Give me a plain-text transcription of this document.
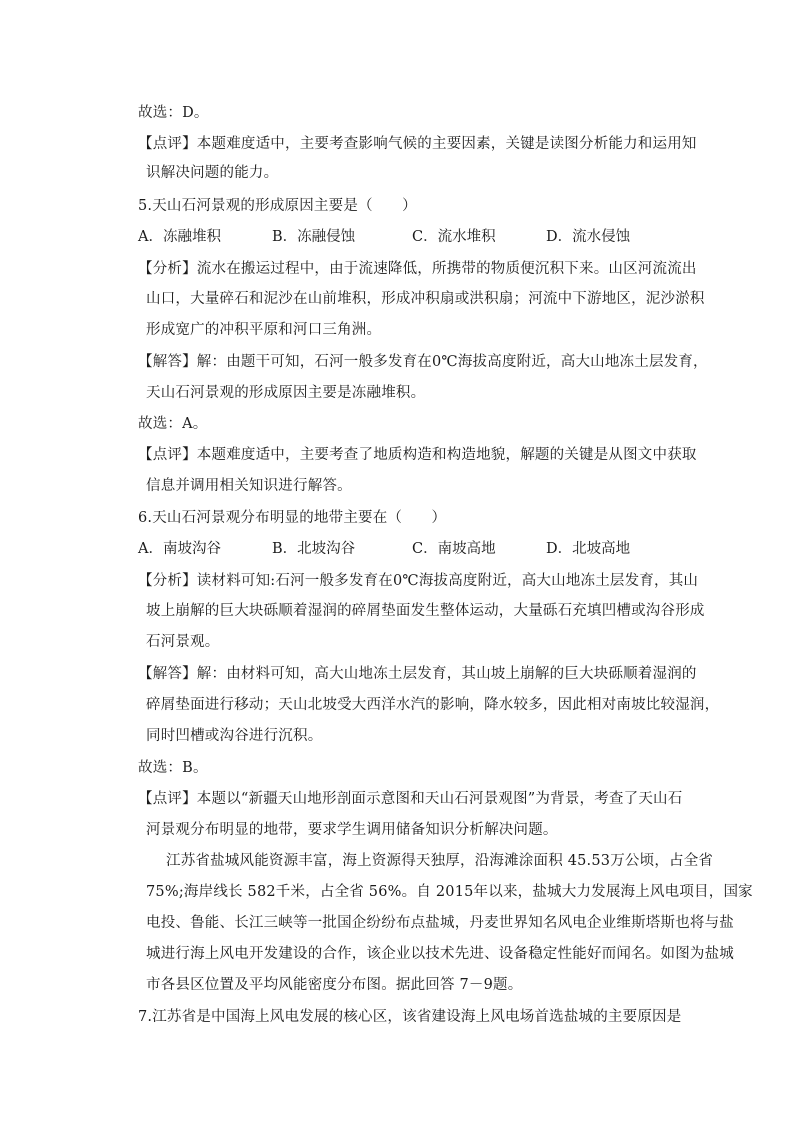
故选：D。
【点评】本题难度适中，主要考查影响气候的主要因素，关键是读图分析能力和运用知
识解决问题的能力。
5.天山石河景观的形成原因主要是（　　）
A．冻融堆积	B．冻融侵蚀	C．流水堆积	D．流水侵蚀
【分析】流水在搬运过程中，由于流速降低，所携带的物质便沉积下来。山区河流流出
山口，大量碎石和泥沙在山前堆积，形成冲积扇或洪积扇；河流中下游地区，泥沙淤积
形成宽广的冲积平原和河口三角洲。
【解答】解：由题干可知，石河一般多发育在0℃海拔高度附近，高大山地冻土层发育，
天山石河景观的形成原因主要是冻融堆积。
故选：A。
【点评】本题难度适中，主要考查了地质构造和构造地貌，解题的关键是从图文中获取
信息并调用相关知识进行解答。
6.天山石河景观分布明显的地带主要在（　　）
A．南坡沟谷	B．北坡沟谷	C．南坡高地	D．北坡高地
【分析】读材料可知:石河一般多发育在0℃海拔高度附近，高大山地冻土层发育，其山
坡上崩解的巨大块砾顺着湿润的碎屑垫面发生整体运动，大量砾石充填凹槽或沟谷形成
石河景观。
【解答】解：由材料可知，高大山地冻土层发育，其山坡上崩解的巨大块砾顺着湿润的
碎屑垫面进行移动；天山北坡受大西洋水汽的影响，降水较多，因此相对南坡比较湿润，
同时凹槽或沟谷进行沉积。
故选：B。
【点评】本题以“新疆天山地形剖面示意图和天山石河景观图”为背景，考查了天山石
河景观分布明显的地带，要求学生调用储备知识分析解决问题。
江苏省盐城风能资源丰富，海上资源得天独厚，沿海滩涂面积 45.53万公顷，占全省
75%;海岸线长 582千米，占全省 56%。自 2015年以来，盐城大力发展海上风电项目，国家
电投、鲁能、长江三峡等一批国企纷纷布点盐城，丹麦世界知名风电企业维斯塔斯也将与盐
城进行海上风电开发建设的合作，该企业以技术先进、设备稳定性能好而闻名。如图为盐城
市各县区位置及平均风能密度分布图。据此回答 7－9题。
7.江苏省是中国海上风电发展的核心区，该省建设海上风电场首选盐城的主要原因是
